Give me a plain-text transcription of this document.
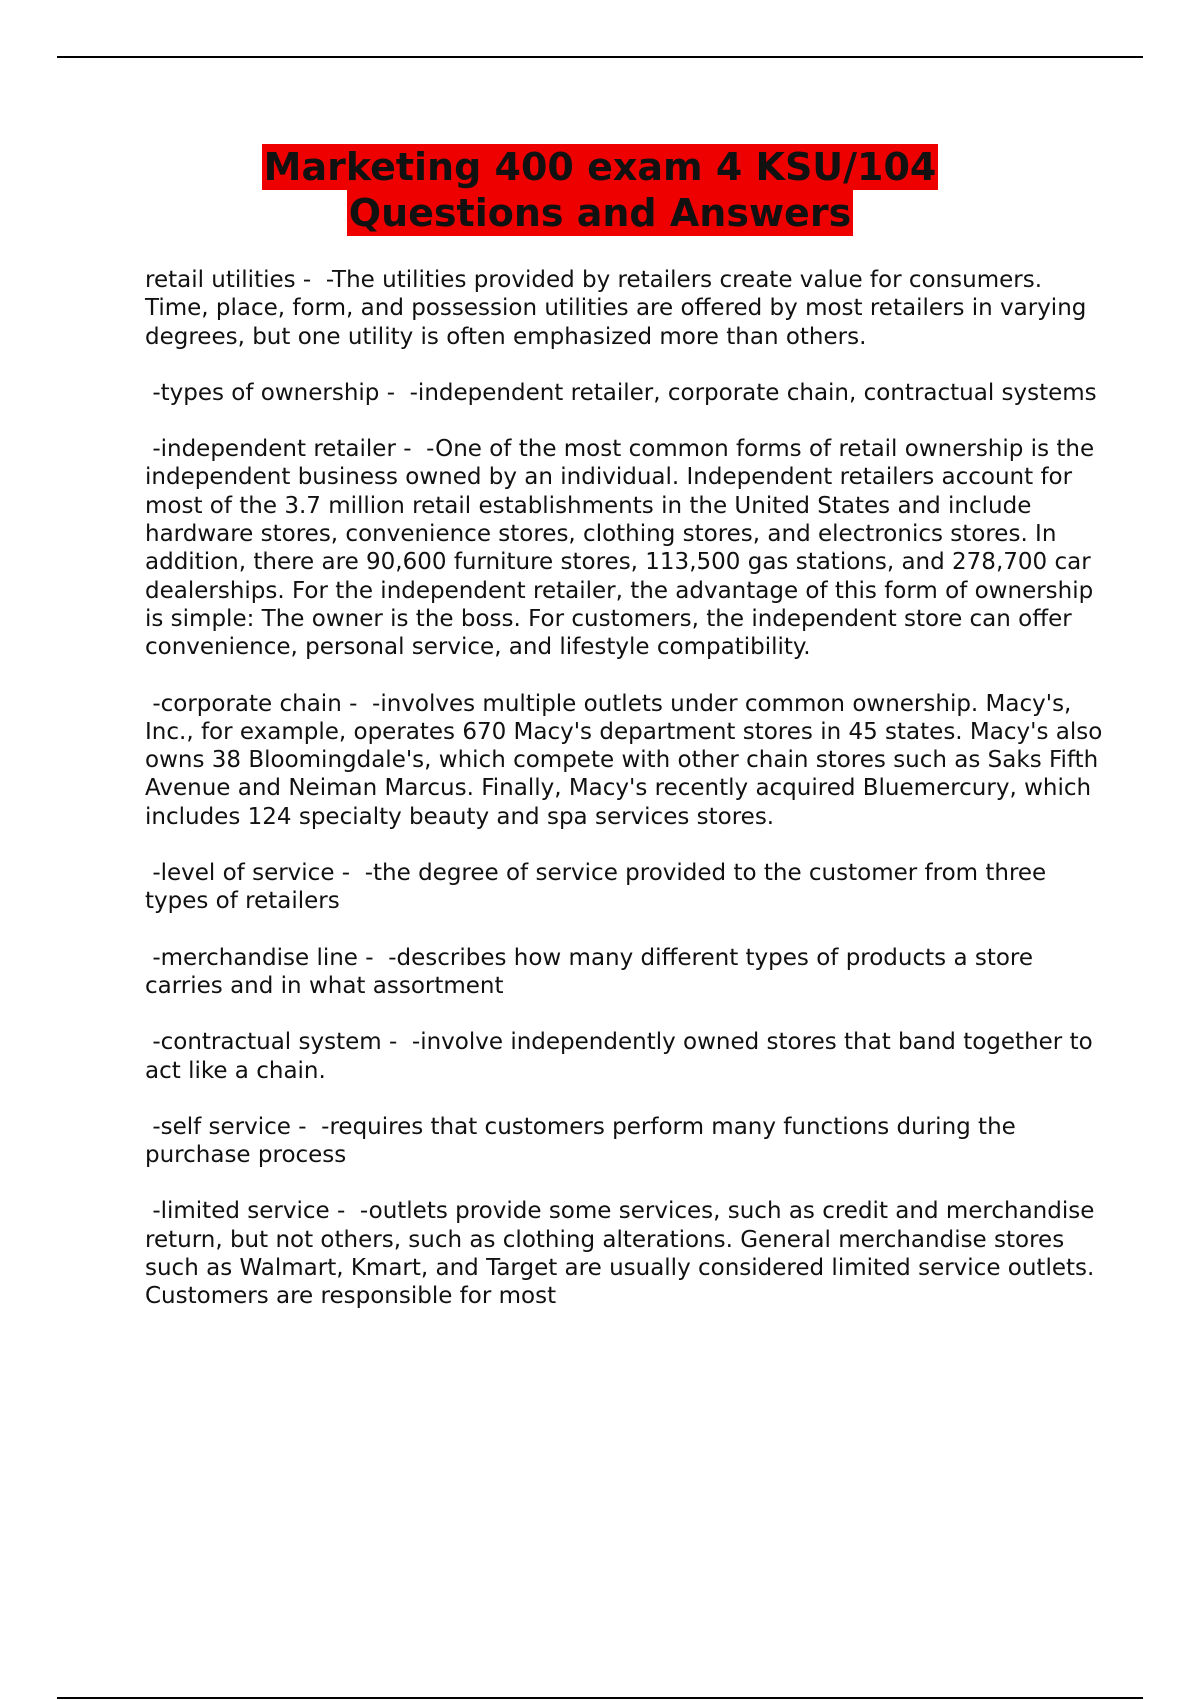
Marketing 400 exam 4 KSU/104
Questions and Answers

retail utilities -  -The utilities provided by retailers create value for consumers. Time, place, form, and possession utilities are offered by most retailers in varying degrees, but one utility is often emphasized more than others.

-types of ownership -  -independent retailer, corporate chain, contractual systems

-independent retailer -  -One of the most common forms of retail ownership is the independent business owned by an individual. Independent retailers account for most of the 3.7 million retail establishments in the United States and include hardware stores, convenience stores, clothing stores, and electronics stores. In addition, there are 90,600 furniture stores, 113,500 gas stations, and 278,700 car dealerships. For the independent retailer, the advantage of this form of ownership is simple: The owner is the boss. For customers, the independent store can offer convenience, personal service, and lifestyle compatibility.

-corporate chain -  -involves multiple outlets under common ownership. Macy's, Inc., for example, operates 670 Macy's department stores in 45 states. Macy's also owns 38 Bloomingdale's, which compete with other chain stores such as Saks Fifth Avenue and Neiman Marcus. Finally, Macy's recently acquired Bluemercury, which includes 124 specialty beauty and spa services stores.

-level of service -  -the degree of service provided to the customer from three types of retailers

-merchandise line -  -describes how many different types of products a store carries and in what assortment

-contractual system -  -involve independently owned stores that band together to act like a chain.

-self service -  -requires that customers perform many functions during the purchase process

-limited service -  -outlets provide some services, such as credit and merchandise return, but not others, such as clothing alterations. General merchandise stores such as Walmart, Kmart, and Target are usually considered limited service outlets. Customers are responsible for most
